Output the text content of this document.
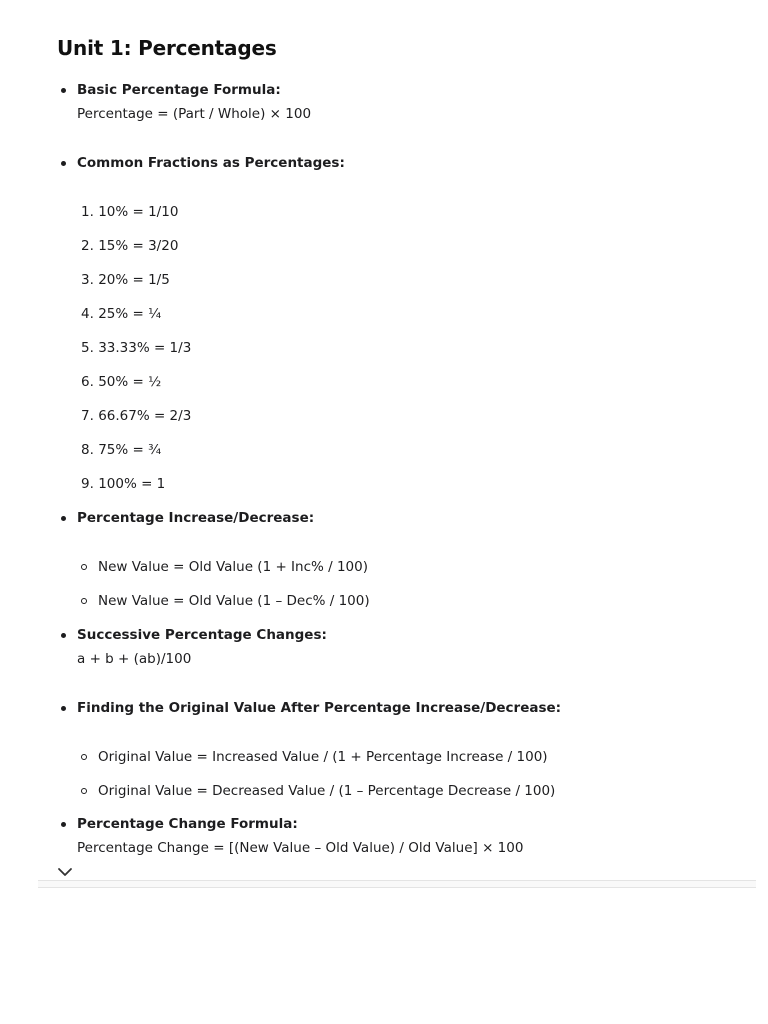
Unit 1: Percentages
Basic Percentage Formula:
Percentage = (Part / Whole) × 100
Common Fractions as Percentages:
1. 10% = 1/10
2. 15% = 3/20
3. 20% = 1/5
4. 25% = ¼
5. 33.33% = 1/3
6. 50% = ½
7. 66.67% = 2/3
8. 75% = ¾
9. 100% = 1
Percentage Increase/Decrease:
New Value = Old Value (1 + Inc% / 100)
New Value = Old Value (1 – Dec% / 100)
Successive Percentage Changes:
a + b + (ab)/100
Finding the Original Value After Percentage Increase/Decrease:
Original Value = Increased Value / (1 + Percentage Increase / 100)
Original Value = Decreased Value / (1 – Percentage Decrease / 100)
Percentage Change Formula:
Percentage Change = [(New Value – Old Value) / Old Value] × 100
